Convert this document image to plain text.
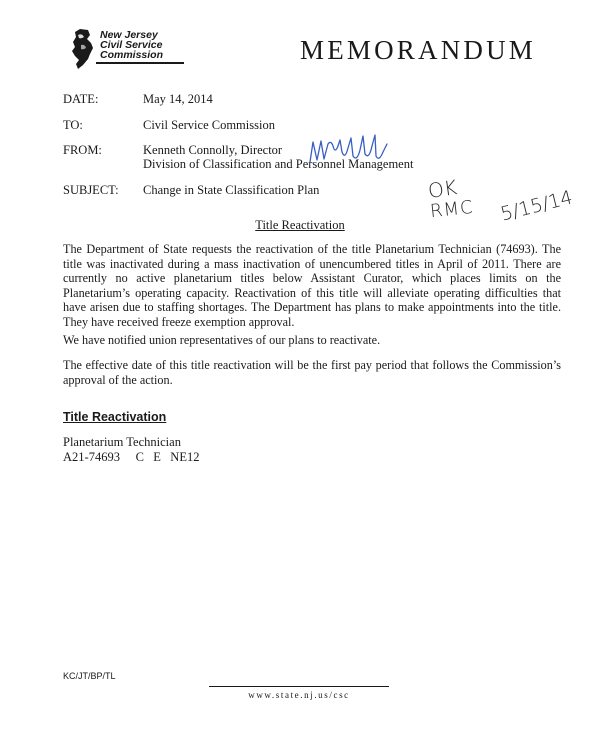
New Jersey
Civil Service
Commission	MEMORANDUM
DATE:	May 14, 2014
TO:	Civil Service Commission
FROM:	Kenneth Connolly, Director
Division of Classification and Personnel Management
SUBJECT: Change in State Classification Plan	OK
RMC 5/15/14
Title Reactivation
The Department of State requests the reactivation of the title Planetarium Technician (74693). The title was inactivated during a mass inactivation of unencumbered titles in April of 2011. There are currently no active planetarium titles below Assistant Curator, which places limits on the Planetarium’s operating capacity. Reactivation of this title will alleviate operating difficulties that have arisen due to staffing shortages. The Department has plans to make appointments into the title. They have received freeze exemption approval.
We have notified union representatives of our plans to reactivate.
The effective date of this title reactivation will be the first pay period that follows the Commission’s approval of the action.
Title Reactivation
Planetarium Technician
A21-74693     C   E   NE12
KC/JT/BP/TL
www.state.nj.us/csc
